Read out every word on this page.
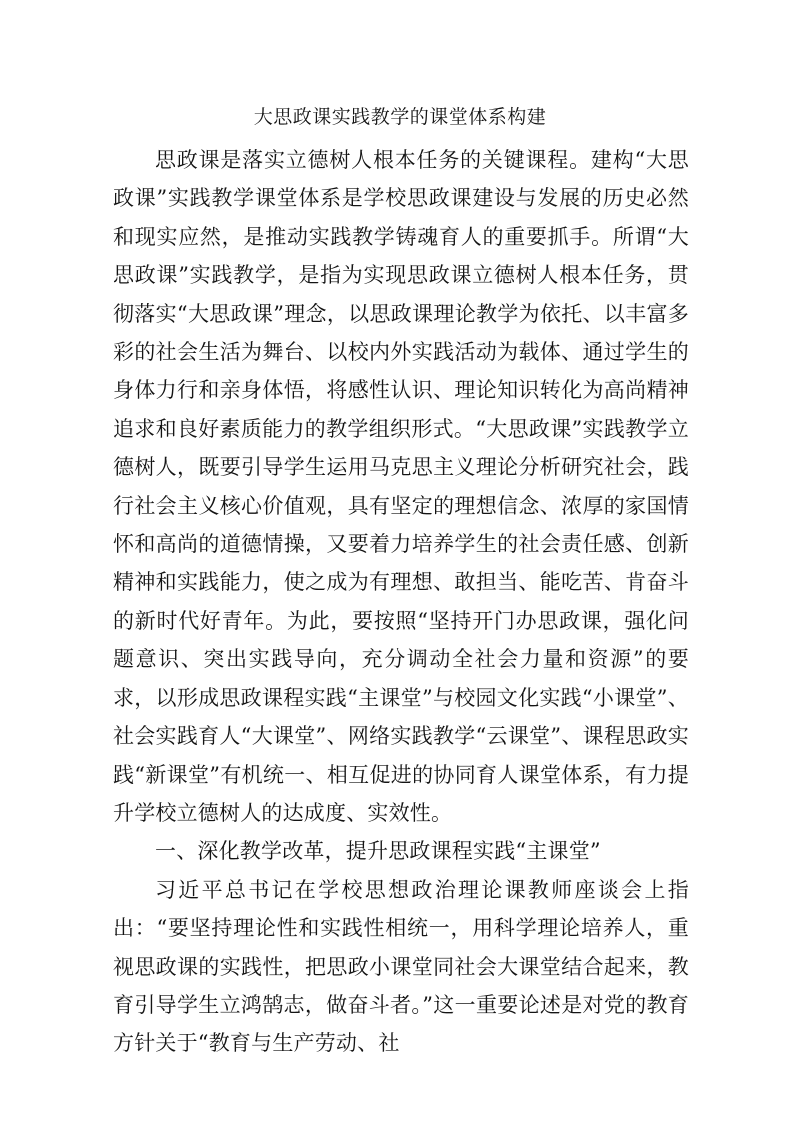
大思政课实践教学的课堂体系构建

思政课是落实立德树人根本任务的关键课程。建构“大思政课”实践教学课堂体系是学校思政课建设与发展的历史必然和现实应然，是推动实践教学铸魂育人的重要抓手。所谓“大思政课”实践教学，是指为实现思政课立德树人根本任务，贯彻落实“大思政课”理念，以思政课理论教学为依托、以丰富多彩的社会生活为舞台、以校内外实践活动为载体、通过学生的身体力行和亲身体悟，将感性认识、理论知识转化为高尚精神追求和良好素质能力的教学组织形式。“大思政课”实践教学立德树人，既要引导学生运用马克思主义理论分析研究社会，践行社会主义核心价值观，具有坚定的理想信念、浓厚的家国情怀和高尚的道德情操，又要着力培养学生的社会责任感、创新精神和实践能力，使之成为有理想、敢担当、能吃苦、肯奋斗的新时代好青年。为此，要按照“坚持开门办思政课，强化问题意识、突出实践导向，充分调动全社会力量和资源”的要求，以形成思政课程实践“主课堂”与校园文化实践“小课堂”、社会实践育人“大课堂”、网络实践教学“云课堂”、课程思政实践“新课堂”有机统一、相互促进的协同育人课堂体系，有力提升学校立德树人的达成度、实效性。

一、深化教学改革，提升思政课程实践“主课堂”

习近平总书记在学校思想政治理论课教师座谈会上指出：“要坚持理论性和实践性相统一，用科学理论培养人，重视思政课的实践性，把思政小课堂同社会大课堂结合起来，教育引导学生立鸿鹄志，做奋斗者。”这一重要论述是对党的教育方针关于“教育与生产劳动、社
